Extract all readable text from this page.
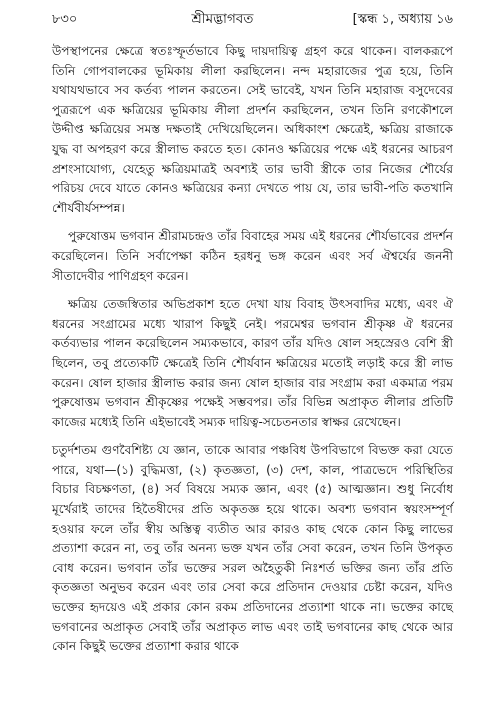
৮৩০	শ্রীমদ্ভাগবত	[স্কন্ধ ১, অধ্যায় ১৬

উপস্থাপনের ক্ষেত্রে স্বতঃস্ফূর্তভাবে কিছু দায়দায়িত্ব গ্রহণ করে থাকেন। বালকরূপে তিনি গোপবালকের ভূমিকায় লীলা করছিলেন। নন্দ মহারাজের পুত্র হয়ে, তিনি যথাযথভাবে সব কর্তব্য পালন করতেন। সেই ভাবেই, যখন তিনি মহারাজ বসুদেবের পুত্ররূপে এক ক্ষত্রিয়ের ভূমিকায় লীলা প্রদর্শন করছিলেন, তখন তিনি রণকৌশলে উদ্দীপ্ত ক্ষত্রিয়ের সমস্ত দক্ষতাই দেখিয়েছিলেন। অধিকাংশ ক্ষেত্রেই, ক্ষত্রিয় রাজাকে যুদ্ধ বা অপহরণ করে স্ত্রীলাভ করতে হত। কোনও ক্ষত্রিয়ের পক্ষে এই ধরনের আচরণ প্রশংসাযোগ্য, যেহেতু ক্ষত্রিয়মাত্রই অবশ্যই তার ভাবী স্ত্রীকে তার নিজের শৌর্যের পরিচয় দেবে যাতে কোনও ক্ষত্রিয়ের কন্যা দেখতে পায় যে, তার ভাবী-পতি কতখানি শৌর্যবীর্যসম্পন্ন।

পুরুষোত্তম ভগবান শ্রীরামচন্দ্রও তাঁর বিবাহের সময় এই ধরনের শৌর্যভাবের প্রদর্শন করেছিলেন। তিনি সর্বাপেক্ষা কঠিন হরধনু ভঙ্গ করেন এবং সর্ব ঐশ্বর্যের জননী সীতাদেবীর পাণিগ্রহণ করেন।

ক্ষত্রিয় তেজস্বিতার অভিপ্রকাশ হতে দেখা যায় বিবাহ উৎসবাদির মধ্যে, এবং ঐ ধরনের সংগ্রামের মধ্যে খারাপ কিছুই নেই। পরমেশ্বর ভগবান শ্রীকৃষ্ণ ঐ ধরনের কর্তব্যভার পালন করেছিলেন সম্যকভাবে, কারণ তাঁর যদিও ষোল সহস্রেরও বেশি স্ত্রী ছিলেন, তবু প্রত্যেকটি ক্ষেত্রেই তিনি শৌর্যবান ক্ষত্রিয়ের মতোই লড়াই করে স্ত্রী লাভ করেন। ষোল হাজার স্ত্রীলাভ করার জন্য ষোল হাজার বার সংগ্রাম করা একমাত্র পরম পুরুষোত্তম ভগবান শ্রীকৃষ্ণের পক্ষেই সম্ভবপর। তাঁর বিভিন্ন অপ্রাকৃত লীলার প্রতিটি কাজের মধ্যেই তিনি এইভাবেই সম্যক দায়িত্ব-সচেতনতার স্বাক্ষর রেখেছেন।

চতুর্দশতম গুণবৈশিষ্ট্য যে জ্ঞান, তাকে আবার পঞ্চবিধ উপবিভাগে বিভক্ত করা যেতে পারে, যথা—(১) বুদ্ধিমত্তা, (২) কৃতজ্ঞতা, (৩) দেশ, কাল, পাত্রভেদে পরিস্থিতির বিচার বিচক্ষণতা, (৪) সর্ব বিষয়ে সম্যক জ্ঞান, এবং (৫) আত্মজ্ঞান। শুধু নির্বোধ মূর্খেরাই তাদের হিতৈষীদের প্রতি অকৃতজ্ঞ হয়ে থাকে। অবশ্য ভগবান স্বয়ংসম্পূর্ণ হওয়ার ফলে তাঁর স্বীয় অস্তিত্ব ব্যতীত আর কারও কাছ থেকে কোন কিছু লাভের প্রত্যাশা করেন না, তবু তাঁর অনন্য ভক্ত যখন তাঁর সেবা করেন, তখন তিনি উপকৃত বোধ করেন। ভগবান তাঁর ভক্তের সরল অহৈতুকী নিঃশর্ত ভক্তির জন্য তাঁর প্রতি কৃতজ্ঞতা অনুভব করেন এবং তার সেবা করে প্রতিদান দেওয়ার চেষ্টা করেন, যদিও ভক্তের হৃদয়েও এই প্রকার কোন রকম প্রতিদানের প্রত্যাশা থাকে না। ভক্তের কাছে ভগবানের অপ্রাকৃত সেবাই তাঁর অপ্রাকৃত লাভ এবং তাই ভগবানের কাছ থেকে আর কোন কিছুই ভক্তের প্রত্যাশা করার থাকে
